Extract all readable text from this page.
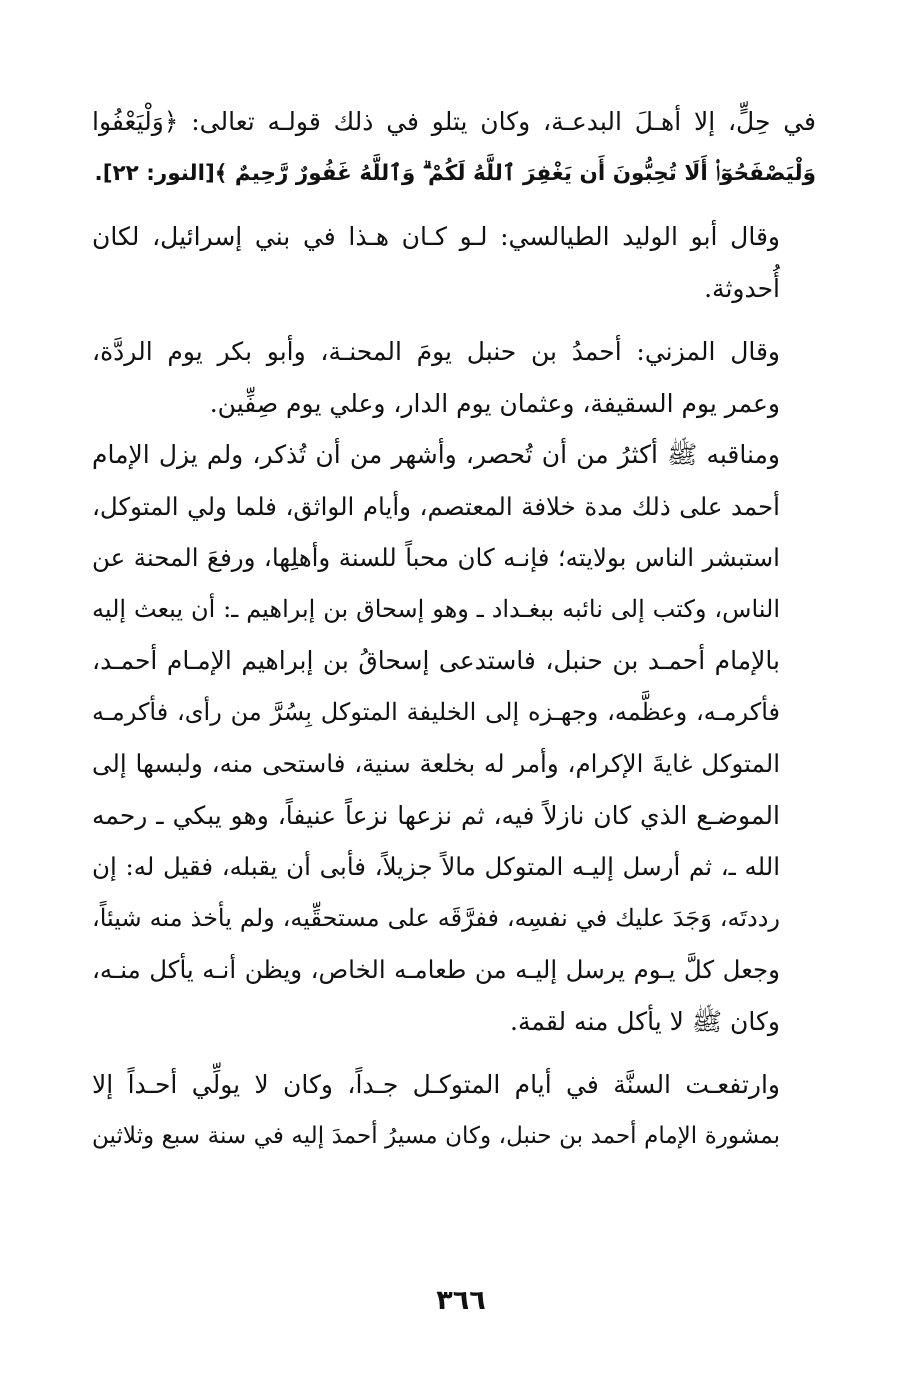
في حِلٍّ، إلا أهـلَ البدعـة، وكان يتلو في ذلك قولـه تعالى: ﴿وَلْيَعْفُوا
وَلْيَصْفَحُوٓا۟ أَلَا تُحِبُّونَ أَن يَغْفِرَ ٱللَّهُ لَكُمْ ۗ وَٱللَّهُ غَفُورٌ رَّحِيمٌ ﴾[النور: ٢٢].

وقال أبو الوليد الطيالسي: لـو كـان هـذا في بني إسرائيل، لكان
أُحدوثة.

وقال المزني: أحمدُ بن حنبل يومَ المحنـة، وأبو بكر يوم الردَّة،
وعمر يوم السقيفة، وعثمان يوم الدار، وعلي يوم صِفِّين.

ومناقبه ﷺ أكثرُ من أن تُحصر، وأشهر من أن تُذكر، ولم يزل الإمام
أحمد على ذلك مدة خلافة المعتصم، وأيام الواثق، فلما ولي المتوكل،
استبشر الناس بولايته؛ فإنـه كان محباً للسنة وأهلِها، ورفعَ المحنة عن
الناس، وكتب إلى نائبه ببغـداد ـ وهو إسحاق بن إبراهيم ـ: أن يبعث إليه
بالإمام أحمـد بن حنبل، فاستدعى إسحاقُ بن إبراهيم الإمـام أحمـد،
فأكرمـه، وعظَّمه، وجهـزه إلى الخليفة المتوكل بِسُرَّ من رأى، فأكرمـه
المتوكل غايةَ الإكرام، وأمر له بخلعة سنية، فاستحى منه، ولبسها إلى
الموضـع الذي كان نازلاً فيه، ثم نزعها نزعاً عنيفاً، وهو يبكي ـ رحمه
الله ـ، ثم أرسل إليـه المتوكل مالاً جزيلاً، فأبى أن يقبله، فقيل له: إن
رددتَه، وَجَدَ عليك في نفسِه، ففرَّقَه على مستحقِّيه، ولم يأخذ منه شيئاً،
وجعل كلَّ يـوم يرسل إليـه من طعامـه الخاص، ويظن أنـه يأكل منـه،
وكان ﷺ لا يأكل منه لقمة.

وارتفعـت السنَّة في أيام المتوكـل جـداً، وكان لا يولِّي أحـداً إلا
بمشورة الإمام أحمد بن حنبل، وكان مسيرُ أحمدَ إليه في سنة سبع وثلاثين

٣٦٦
